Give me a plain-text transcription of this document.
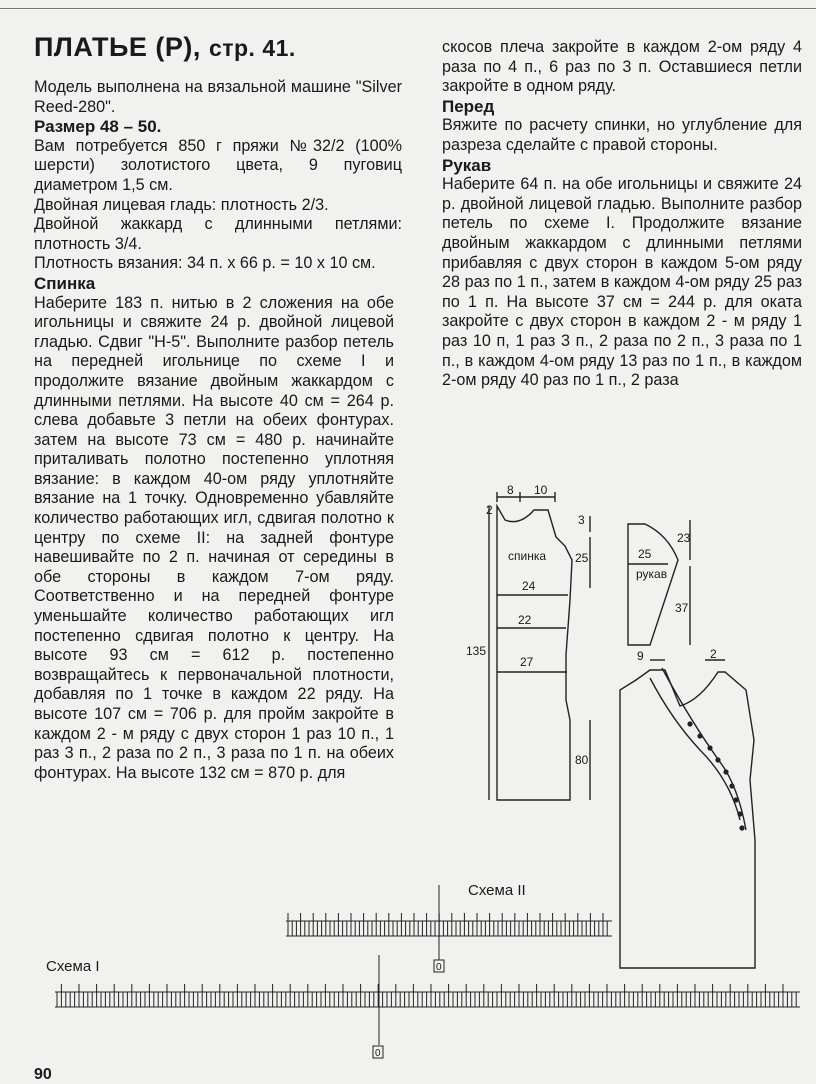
ПЛАТЬЕ (Р), стр. 41.

Модель выполнена на вязальной машине "Silver Reed-280".

Размер 48 – 50.

Вам потребуется 850 г пряжи №32/2 (100% шерсти) золотистого цвета, 9 пуговиц диаметром 1,5 см.

Двойная лицевая гладь: плотность 2/3.

Двойной жаккард с длинными петлями: плотность 3/4.

Плотность вязания: 34 п. х 66 р. = 10 х 10 см.

Спинка

Наберите 183 п. нитью в 2 сложения на обе игольницы и свяжите 24 р. двойной лицевой гладью. Сдвиг "Н-5". Выполните разбор петель на передней игольнице по схеме I и продолжите вязание двойным жаккардом с длинными петлями. На высоте 40 см = 264 р. слева добавьте 3 петли на обеих фонтурах. затем на высоте 73 см = 480 р. начинайте приталивать полотно постепенно уплотняя вязание: в каждом 40-ом ряду уплотняйте вязание на 1 точку. Одновременно убавляйте количество работающих игл, сдвигая полотно к центру по схеме II: на задней фонтуре навешивайте по 2 п. начиная от середины в обе стороны в каждом 7-ом ряду. Соответственно и на передней фонтуре уменьшайте количество работающих игл постепенно сдвигая полотно к центру. На высоте 93 см = 612 р. постепенно возвращайтесь к первоначальной плотности, добавляя по 1 точке в каждом 22 ряду. На высоте 107 см = 706 р. для пройм закройте в каждом 2 - м ряду с двух сторон 1 раз 10 п., 1 раз 3 п., 2 раза по 2 п., 3 раза по 1 п. на обеих фонтурах. На высоте 132 см = 870 р. для

скосов плеча закройте в каждом 2-ом ряду 4 раза по 4 п., 6 раз по 3 п. Оставшиеся петли закройте в одном ряду.

Перед

Вяжите по расчету спинки, но углубление для разреза сделайте с правой стороны.

Рукав

Наберите 64 п. на обе игольницы и свяжите 24 р. двойной лицевой гладью. Выполните разбор петель по схеме I. Продолжите вязание двойным жаккардом с длинными петлями прибавляя с двух сторон в каждом 5-ом ряду 28 раз по 1 п., затем в каждом 4-ом ряду 25 раз по 1 п. На высоте 37 см = 244 р. для оката закройте с двух сторон в каждом 2 - м ряду 1 раз 10 п, 1 раз 3 п., 2 раза по 2 п., 3 раза по 1 п., в каждом 4-ом ряду 13 раз по 1 п., в каждом 2-ом ряду 40 раз по 1 п., 2 раза

спинка
рукав
8 10
2
3
25
24
22
27
135
80
23
25
37
9	2
0
0
Схема II
Схема I
90
